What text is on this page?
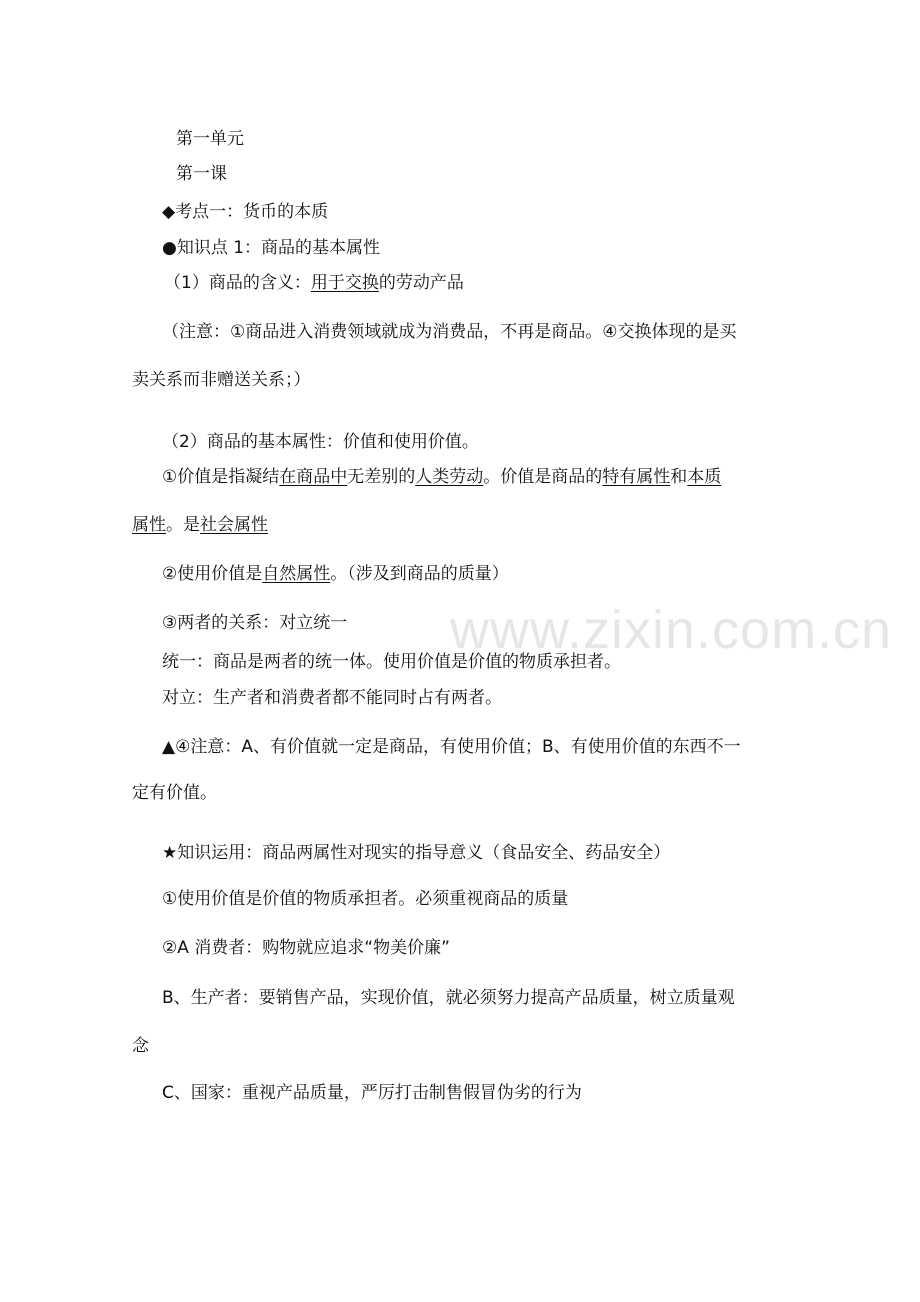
www.zixin.com.cn
第一单元
第一课
◆考点一：货币的本质
●知识点 1：商品的基本属性
（1）商品的含义：用于交换的劳动产品
（注意：①商品进入消费领域就成为消费品，不再是商品。④交换体现的是买
卖关系而非赠送关系；）
（2）商品的基本属性：价值和使用价值。
①价值是指凝结在商品中无差别的人类劳动。价值是商品的特有属性和本质
属性。是社会属性
②使用价值是自然属性。（涉及到商品的质量）
③两者的关系：对立统一
统一：商品是两者的统一体。使用价值是价值的物质承担者。
对立：生产者和消费者都不能同时占有两者。
▲④注意：A、有价值就一定是商品，有使用价值；B、有使用价值的东西不一
定有价值。
★知识运用：商品两属性对现实的指导意义（食品安全、药品安全）
①使用价值是价值的物质承担者。必须重视商品的质量
②A 消费者：购物就应追求“物美价廉”
B、生产者：要销售产品，实现价值，就必须努力提高产品质量，树立质量观
念
C、国家：重视产品质量，严厉打击制售假冒伪劣的行为
